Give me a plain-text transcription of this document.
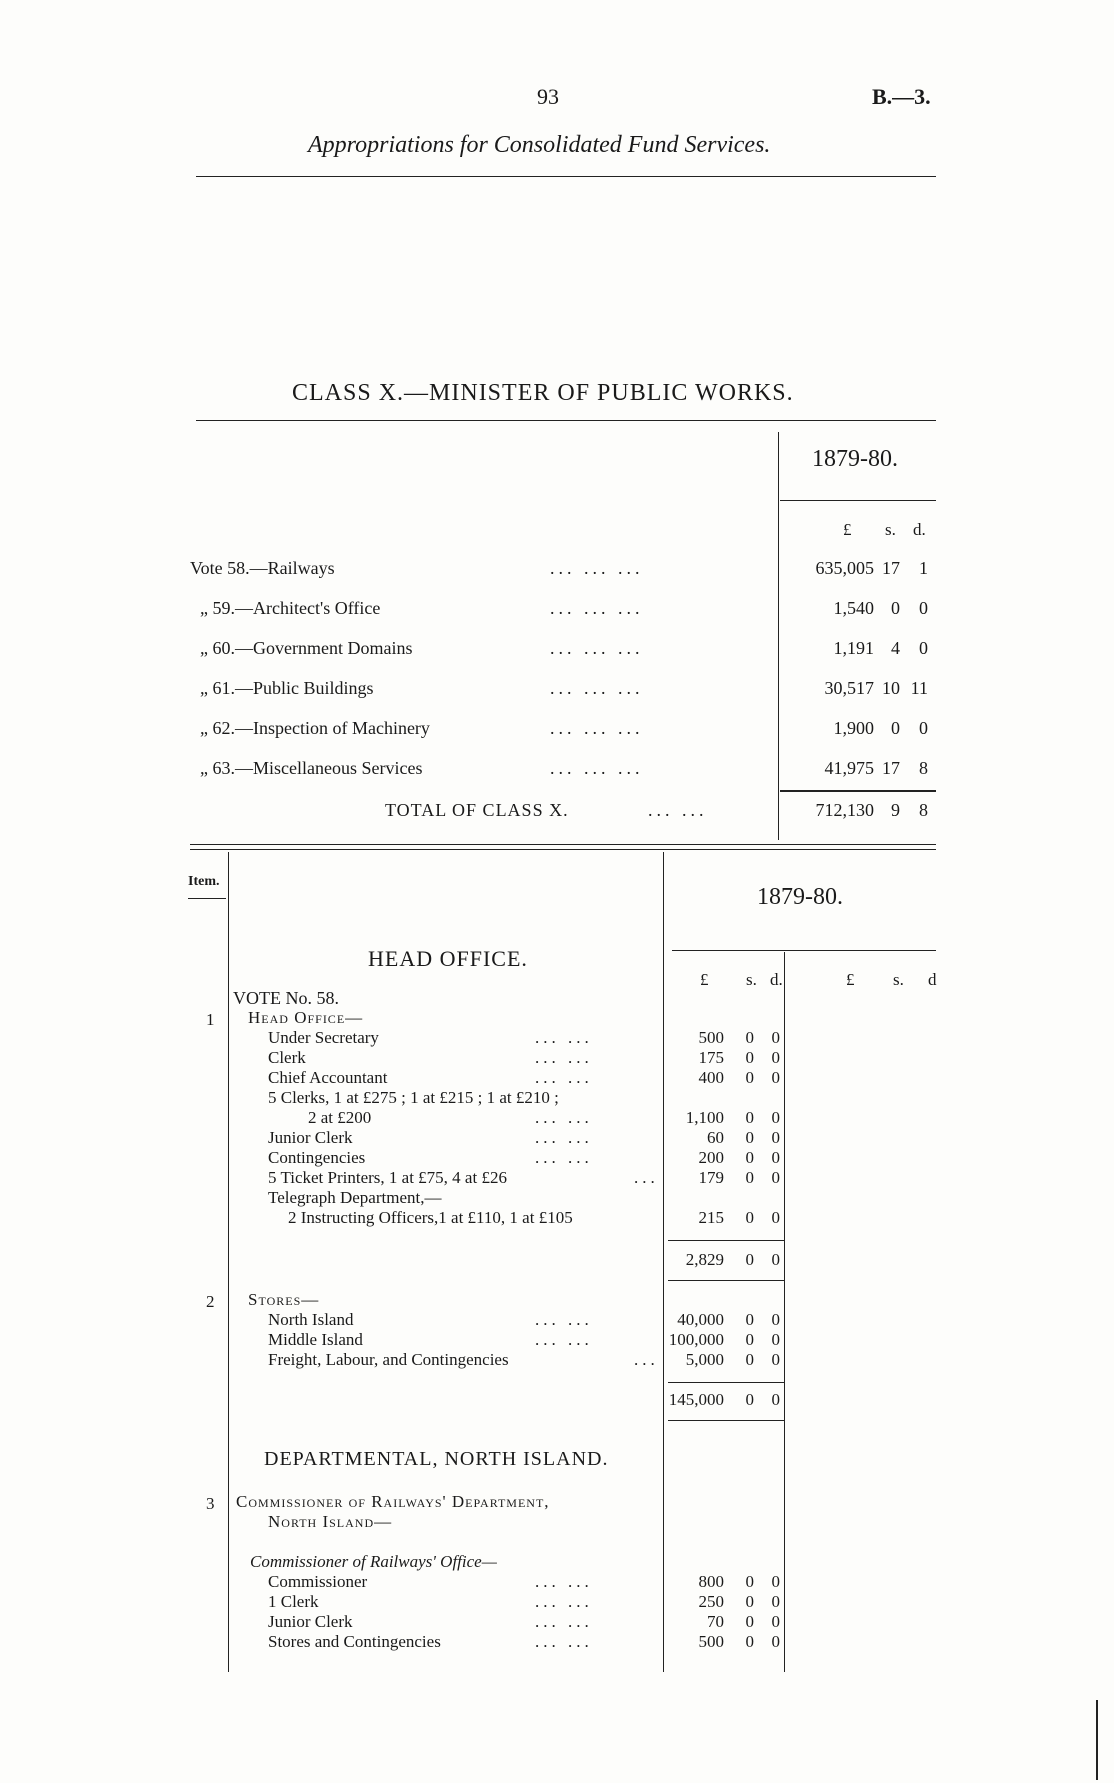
93	B.—3.
Appropriations for Consolidated Fund Services.
CLASS X.—MINISTER OF PUBLIC WORKS.
1879-80.
£ s. d.
Vote 58.—Railways	... ... ...	635,005 17	1
„ 59.—Architect's Office	... ... ...	1,540 0	0
„ 60.—Government Domains	... ... ...	1,191 4	0
„ 61.—Public Buildings	... ... ...	30,517 10 11
„ 62.—Inspection of Machinery	... ... ...	1,900 0	0
„ 63.—Miscellaneous Services	... ... ...	41,975 17	8
TOTAL OF CLASS X.	... ...	712,130 9	8
Item.
1879-80.
£ s. d.	£ s. d
HEAD OFFICE.
VOTE No. 58.
1 Head Office—
Under Secretary	... ...	500	0	0
Clerk	... ...	175	0	0
Chief Accountant	... ...	400	0	0
5 Clerks, 1 at £275 ; 1 at £215 ; 1 at £210 ;
2 at £200	... ...	1,100	0	0
Junior Clerk	... ...	60	0	0
Contingencies	... ...	200	0	0
5 Ticket Printers, 1 at £75, 4 at £26	...	179	0	0
Telegraph Department,—
2 Instructing Officers,1 at £110, 1 at £105	215	0	0
2,829	0	0
2 Stores—
North Island	... ...	40,000	0	0
Middle Island	... ...	100,000	0	0
Freight, Labour, and Contingencies	...	5,000	0	0
145,000	0	0
DEPARTMENTAL, NORTH ISLAND.
3 Commissioner of Railways' Department,
North Island—
Commissioner of Railways' Office—
Commissioner	... ...	800	0	0
1 Clerk	... ...	250	0	0
Junior Clerk	... ...	70	0	0
Stores and Contingencies	... ...	500	0	0
